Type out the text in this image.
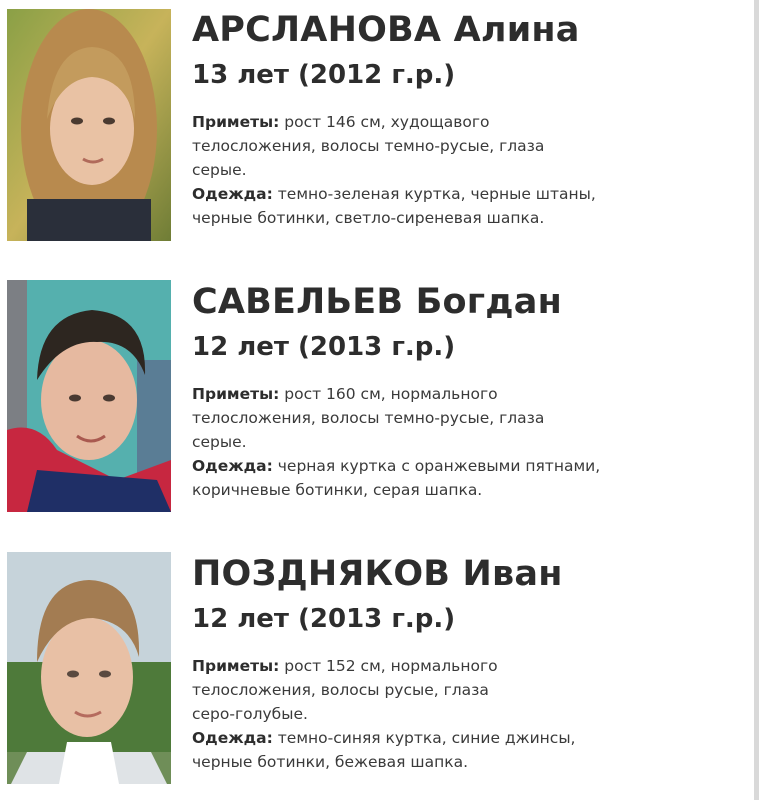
АРСЛАНОВА Алина
13 лет (2012 г.р.)
Приметы: рост 146 см, худощавого
телосложения, волосы темно-русые, глаза
серые.
Одежда: темно-зеленая куртка, черные штаны,
черные ботинки, светло-сиреневая шапка.
САВЕЛЬЕВ Богдан
12 лет (2013 г.р.)
Приметы: рост 160 см, нормального
телосложения, волосы темно-русые, глаза
серые.
Одежда: черная куртка с оранжевыми пятнами,
коричневые ботинки, серая шапка.
ПОЗДНЯКОВ Иван
12 лет (2013 г.р.)
Приметы: рост 152 см, нормального
телосложения, волосы русые, глаза
серо-голубые.
Одежда: темно-синяя куртка, синие джинсы,
черные ботинки, бежевая шапка.
